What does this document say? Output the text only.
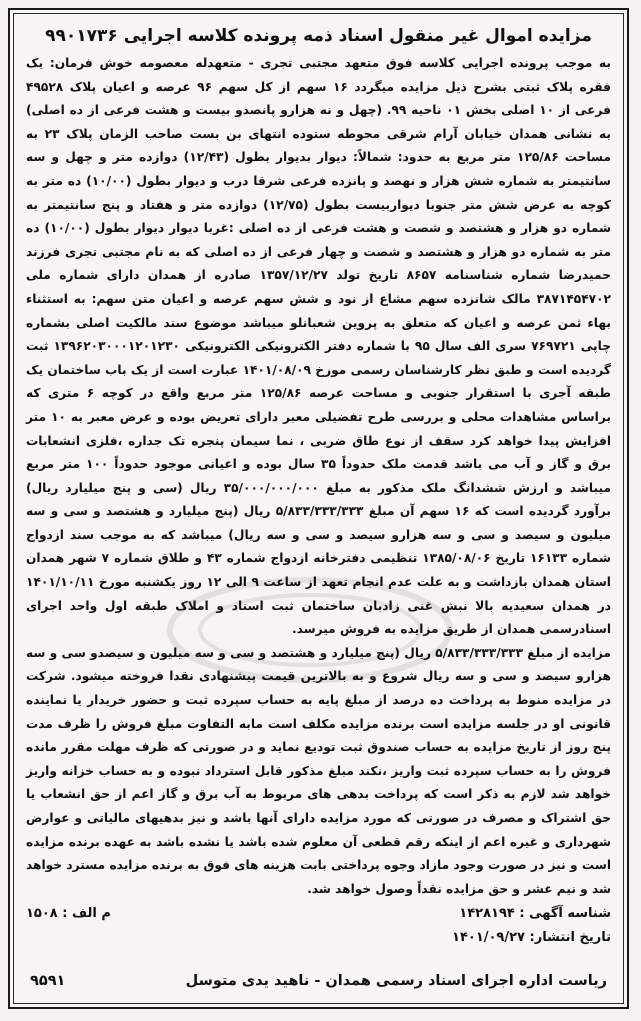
مزایده اموال غیر منقول اسناد ذمه پرونده کلاسه اجرایی ۹۹۰۱۷۳۶

به موجب پرونده اجرایی کلاسه فوق متعهد مجتبی تجری - متعهدله معصومه خوش فرمان: یک فقره پلاک ثبتی بشرح ذیل مزایده میگردد ۱۶ سهم از کل سهم ۹۶ عرصه و اعیان پلاک ۴۹۵۲۸ فرعی از ۱۰ اصلی بخش ۰۱ ناحیه ۹۹. (چهل و نه هزارو پانصدو بیست و هشت فرعی از ده اصلی) به نشانی همدان خیابان آرام شرقی محوطه ستوده انتهای بن بست صاحب الزمان پلاک ۲۳ به مساحت ۱۲۵/۸۶ متر مربع به حدود: شمالاً: دیوار بدیوار بطول (۱۲/۴۳) دوازده متر و چهل و سه سانتیمتر به شماره شش هزار و نهصد و پانزده فرعی شرقا درب و دیوار بطول (۱۰/۰۰) ده متر به کوچه به عرض شش متر جنوبا دیواربیست بطول (۱۲/۷۵) دوازده متر و هفتاد و پنج سانتیمتر به شماره دو هزار و هشتصد و شصت و هشت فرعی از ده اصلی :غربا دیوار دیوار بطول (۱۰/۰۰) ده متر به شماره دو هزار و هشتصد و شصت و چهار فرعی از ده اصلی که به نام مجتبی تجری فرزند حمیدرضا شماره شناسنامه ۸۶۵۷ تاریخ تولد ۱۳۵۷/۱۲/۲۷ صادره از همدان دارای شماره ملی ۳۸۷۱۴۵۴۷۰۲ مالک شانزده سهم مشاع از نود و شش سهم عرصه و اعیان متن سهم: به استثناء بهاء ثمن عرصه و اعیان که متعلق به پروین شعبانلو میباشد موضوع سند مالکیت اصلی بشماره چاپی ۷۶۹۷۲۱ سری الف سال ۹۵ با شماره دفتر الکترونیکی الکترونیکی ۱۳۹۶۲۰۳۰۰۰۱۲۰۱۲۳۰ ثبت گردیده است و طبق نظر کارشناسان رسمی مورخ ۱۴۰۱/۰۸/۰۹ عبارت است از یک باب ساختمان یک طبقه آجری با استقرار جنوبی و مساحت عرصه ۱۲۵/۸۶ متر مربع واقع در کوچه ۶ متری که براساس مشاهدات محلی و بررسی طرح تفضیلی معبر دارای تعریض بوده و عرض معبر به ۱۰ متر افزایش پیدا خواهد کرد سقف از نوع طاق ضربی ، نما سیمان پنجره تک جداره ،فلزی انشعابات برق و گاز و آب می باشد قدمت ملک حدوداً ۳۵ سال بوده و اعیانی موجود حدوداً ۱۰۰ متر مربع میباشد و ارزش ششدانگ ملک مذکور به مبلغ ۳۵/۰۰۰/۰۰۰/۰۰۰ ریال (سی و پنج میلیارد ریال) برآورد گردیده است که ۱۶ سهم آن مبلغ ۵/۸۳۳/۳۳۳/۳۳۳ ریال (پنج میلیارد و هشتصد و سی و سه میلیون و سیصد و سی و سه هزارو سیصد و سی و سه ریال) میباشد که به موجب سند ازدواج شماره ۱۶۱۳۳ تاریخ ۱۳۸۵/۰۸/۰۶ تنظیمی دفترخانه ازدواج شماره ۴۳ و طلاق شماره ۷ شهر همدان استان همدان بازداشت و به علت عدم انجام تعهد از ساعت ۹ الی ۱۲ روز یکشنبه مورخ ۱۴۰۱/۱۰/۱۱ در همدان سعیدیه بالا نبش غنی زادبان ساختمان ثبت اسناد و املاک طبقه اول واحد اجرای اسنادرسمی همدان از طریق مزایده به فروش میرسد.

مزایده از مبلغ ۵/۸۳۳/۳۳۳/۳۳۳ ریال (پنج میلیارد و هشتصد و سی و سه میلیون و سیصدو سی و سه هزارو سیصد و سی و سه ریال شروع و به بالاترین قیمت پیشنهادی نقدا فروخته میشود. شرکت در مزایده منوط به پرداخت ده درصد از مبلغ پایه به حساب سپرده ثبت و حضور خریدار یا نماینده قانونی او در جلسه مزایده است برنده مزایده مکلف است مابه التفاوت مبلغ فروش را ظرف مدت پنج روز از تاریخ مزایده به حساب صندوق ثبت تودیع نماید و در صورتی که ظرف مهلت مقرر مانده فروش را به حساب سپرده ثبت واریز ،نکند مبلغ مذکور قابل استرداد نبوده و به حساب خزانه واریز خواهد شد لازم به ذکر است که پرداخت بدهی های مربوط به آب برق و گاز اعم از حق انشعاب یا حق اشتراک و مصرف در صورتی که مورد مزایده دارای آنها باشد و نیز بدهیهای مالیاتی و عوارض شهرداری و غیره اعم از اینکه رقم قطعی آن معلوم شده باشد یا نشده باشد به عهده برنده مزایده است و نیز در صورت وجود مازاد وجوه پرداختی بابت هزینه های فوق به برنده مزایده مسترد خواهد شد و نیم عشر و حق مزایده نقداً وصول خواهد شد.

شناسه آگهی : ۱۴۲۸۱۹۴
م الف : ۱۵۰۸
تاریخ انتشار: ۱۴۰۱/۰۹/۲۷
ریاست اداره اجرای اسناد رسمی همدان - ناهید یدی متوسل
۹۵۹۱
